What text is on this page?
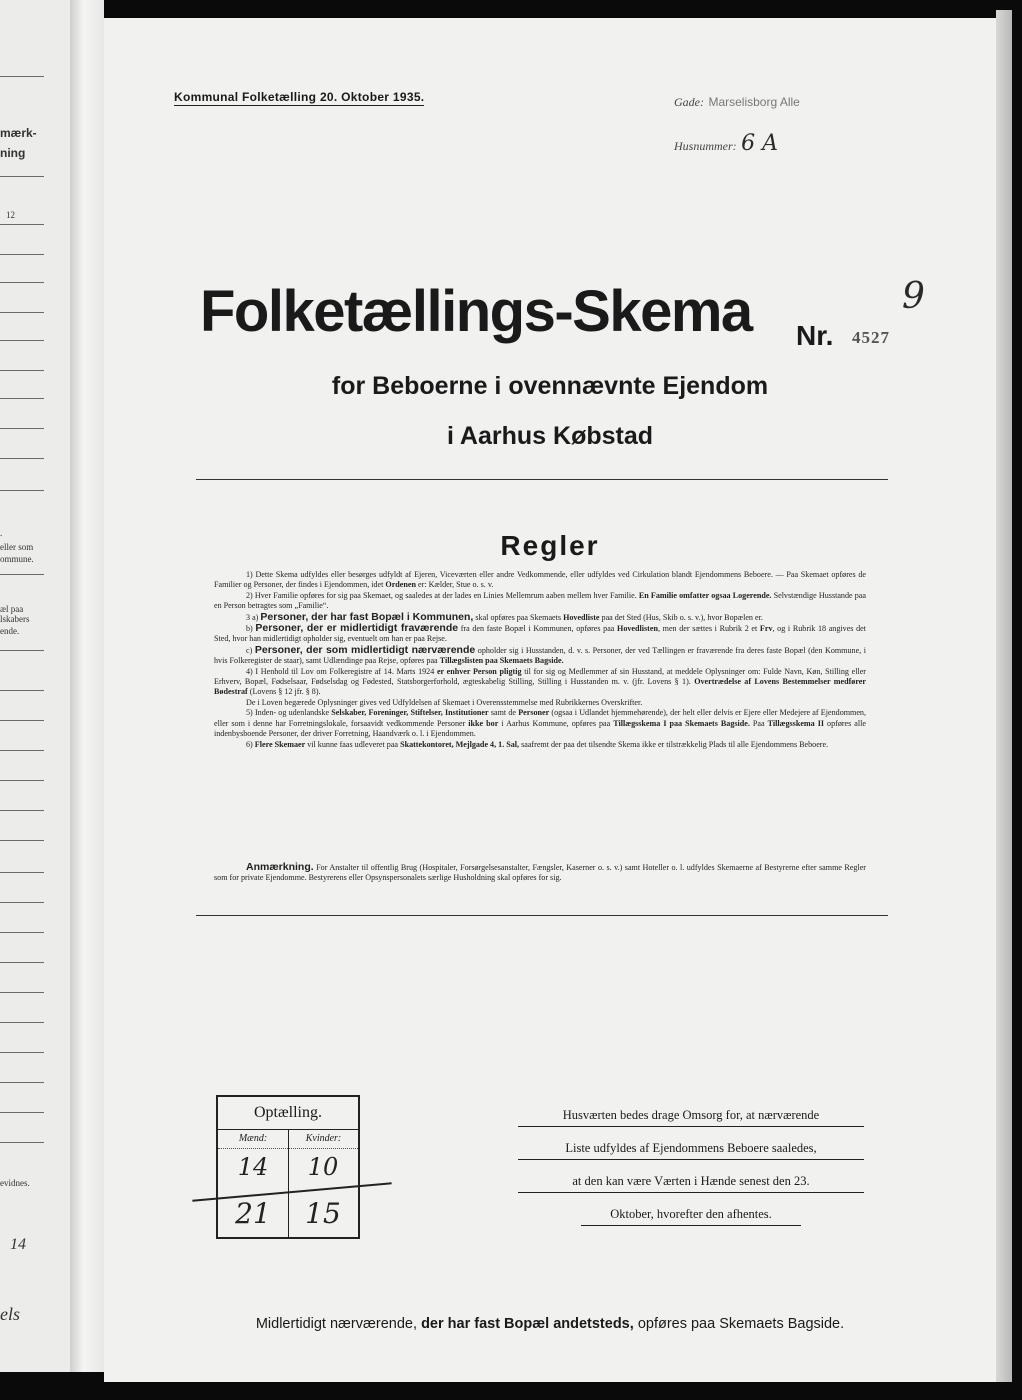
mærk-
ning
12
.
eller som
ommune.
æl paa
lskabers
ende.
evidnes.
14
els
Kommunal Folketælling 20. Oktober 1935.	Gade: Marselisborg Alle
Husnummer: 6 A
Folketællings-Skema Nr. 4527
9
for Beboerne i ovennævnte Ejendom
i Aarhus Købstad
Regler

1) Dette Skema udfyldes eller besørges udfyldt af Ejeren, Viceværten eller andre Vedkommende, eller udfyldes ved Cirkulation blandt Ejendommens Beboere. — Paa Skemaet opføres de Familier og Personer, der findes i Ejendommen, idet Ordenen er: Kælder, Stue o. s. v.

2) Hver Familie opføres for sig paa Skemaet, og saaledes at der lades en Linies Mellemrum aaben mellem hver Familie. En Familie omfatter ogsaa Logerende. Selvstændige Husstande paa en Person betragtes som „Familie“.

3 a) Personer, der har fast Bopæl i Kommunen, skal opføres paa Skemaets Hovedliste paa det Sted (Hus, Skib o. s. v.), hvor Bopælen er.

b) Personer, der er midlertidigt fraværende fra den faste Bopæl i Kommunen, opføres paa Hovedlisten, men der sættes i Rubrik 2 et Frv, og i Rubrik 18 angives det Sted, hvor han midlertidigt opholder sig, eventuelt om han er paa Rejse.

c) Personer, der som midlertidigt nærværende opholder sig i Husstanden, d. v. s. Personer, der ved Tællingen er fraværende fra deres faste Bopæl (den Kommune, i hvis Folkeregister de staar), samt Udlændinge paa Rejse, opføres paa Tillægslisten paa Skemaets Bagside.

4) I Henhold til Lov om Folkeregistre af 14. Marts 1924 er enhver Person pligtig til for sig og Medlemmer af sin Husstand, at meddele Oplysninger om: Fulde Navn, Køn, Stilling eller Erhverv, Bopæl, Fødselsaar, Fødselsdag og Fødested, Statsborgerforhold, ægteskabelig Stilling, Stilling i Husstanden m. v. (jfr. Lovens § 1). Overtrædelse af Lovens Bestemmelser medfører Bødestraf (Lovens § 12 jfr. § 8).

De i Loven begærede Oplysninger gives ved Udfyldelsen af Skemaet i Overensstemmelse med Rubrikkernes Overskrifter.

5) Inden- og udenlandske Selskaber, Foreninger, Stiftelser, Institutioner samt de Personer (ogsaa i Udlandet hjemmehørende), der helt eller delvis er Ejere eller Medejere af Ejendommen, eller som i denne har Forretningslokale, forsaavidt vedkommende Personer ikke bor i Aarhus Kommune, opføres paa Tillægsskema I paa Skemaets Bagside. Paa Tillægsskema II opføres alle indenbysboende Personer, der driver Forretning, Haandværk o. l. i Ejendommen.

6) Flere Skemaer vil kunne faas udleveret paa Skattekontoret, Mejlgade 4, 1. Sal, saafremt der paa det tilsendte Skema ikke er tilstrækkelig Plads til alle Ejendommens Beboere.

Anmærkning. For Anstalter til offentlig Brug (Hospitaler, Forsørgelsesanstalter, Fængsler, Kaserner o. s. v.) samt Hoteller o. l. udfyldes Skemaerne af Bestyrerne efter samme Regler som for private Ejendomme. Bestyrerens eller Opsynspersonalets særlige Husholdning skal opføres for sig.

Optælling.
Mænd:	Kvinder:
14	10
21	15
Husværten bedes drage Omsorg for, at nærværende
Liste udfyldes af Ejendommens Beboere saaledes,
at den kan være Værten i Hænde senest den 23.
Oktober, hvorefter den afhentes.
Midlertidigt nærværende, der har fast Bopæl andetsteds, opføres paa Skemaets Bagside.
